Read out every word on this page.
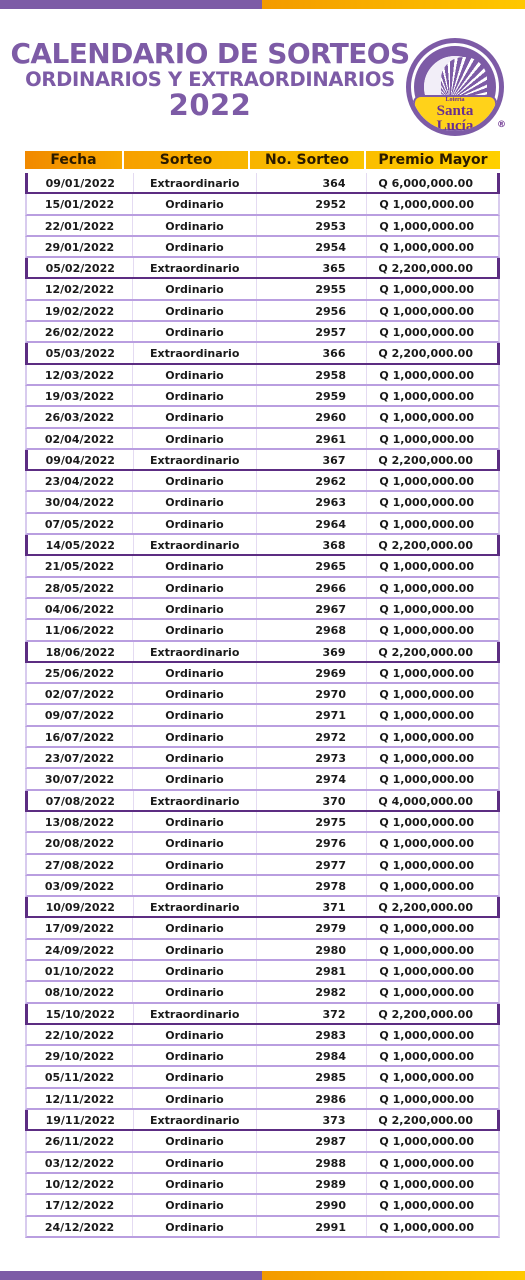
CALENDARIO DE SORTEOS
ORDINARIOS Y EXTRAORDINARIOS
2022	Lotería
Santa
Lucía	®
Fecha	Sorteo	No. Sorteo	Premio Mayor
09/01/2022	Extraordinario	364	Q 6,000,000.00
15/01/2022	Ordinario	2952	Q 1,000,000.00
22/01/2022	Ordinario	2953	Q 1,000,000.00
29/01/2022	Ordinario	2954	Q 1,000,000.00
05/02/2022	Extraordinario	365	Q 2,200,000.00
12/02/2022	Ordinario	2955	Q 1,000,000.00
19/02/2022	Ordinario	2956	Q 1,000,000.00
26/02/2022	Ordinario	2957	Q 1,000,000.00
05/03/2022	Extraordinario	366	Q 2,200,000.00
12/03/2022	Ordinario	2958	Q 1,000,000.00
19/03/2022	Ordinario	2959	Q 1,000,000.00
26/03/2022	Ordinario	2960	Q 1,000,000.00
02/04/2022	Ordinario	2961	Q 1,000,000.00
09/04/2022	Extraordinario	367	Q 2,200,000.00
23/04/2022	Ordinario	2962	Q 1,000,000.00
30/04/2022	Ordinario	2963	Q 1,000,000.00
07/05/2022	Ordinario	2964	Q 1,000,000.00
14/05/2022	Extraordinario	368	Q 2,200,000.00
21/05/2022	Ordinario	2965	Q 1,000,000.00
28/05/2022	Ordinario	2966	Q 1,000,000.00
04/06/2022	Ordinario	2967	Q 1,000,000.00
11/06/2022	Ordinario	2968	Q 1,000,000.00
18/06/2022	Extraordinario	369	Q 2,200,000.00
25/06/2022	Ordinario	2969	Q 1,000,000.00
02/07/2022	Ordinario	2970	Q 1,000,000.00
09/07/2022	Ordinario	2971	Q 1,000,000.00
16/07/2022	Ordinario	2972	Q 1,000,000.00
23/07/2022	Ordinario	2973	Q 1,000,000.00
30/07/2022	Ordinario	2974	Q 1,000,000.00
07/08/2022	Extraordinario	370	Q 4,000,000.00
13/08/2022	Ordinario	2975	Q 1,000,000.00
20/08/2022	Ordinario	2976	Q 1,000,000.00
27/08/2022	Ordinario	2977	Q 1,000,000.00
03/09/2022	Ordinario	2978	Q 1,000,000.00
10/09/2022	Extraordinario	371	Q 2,200,000.00
17/09/2022	Ordinario	2979	Q 1,000,000.00
24/09/2022	Ordinario	2980	Q 1,000,000.00
01/10/2022	Ordinario	2981	Q 1,000,000.00
08/10/2022	Ordinario	2982	Q 1,000,000.00
15/10/2022	Extraordinario	372	Q 2,200,000.00
22/10/2022	Ordinario	2983	Q 1,000,000.00
29/10/2022	Ordinario	2984	Q 1,000,000.00
05/11/2022	Ordinario	2985	Q 1,000,000.00
12/11/2022	Ordinario	2986	Q 1,000,000.00
19/11/2022	Extraordinario	373	Q 2,200,000.00
26/11/2022	Ordinario	2987	Q 1,000,000.00
03/12/2022	Ordinario	2988	Q 1,000,000.00
10/12/2022	Ordinario	2989	Q 1,000,000.00
17/12/2022	Ordinario	2990	Q 1,000,000.00
24/12/2022	Ordinario	2991	Q 1,000,000.00
